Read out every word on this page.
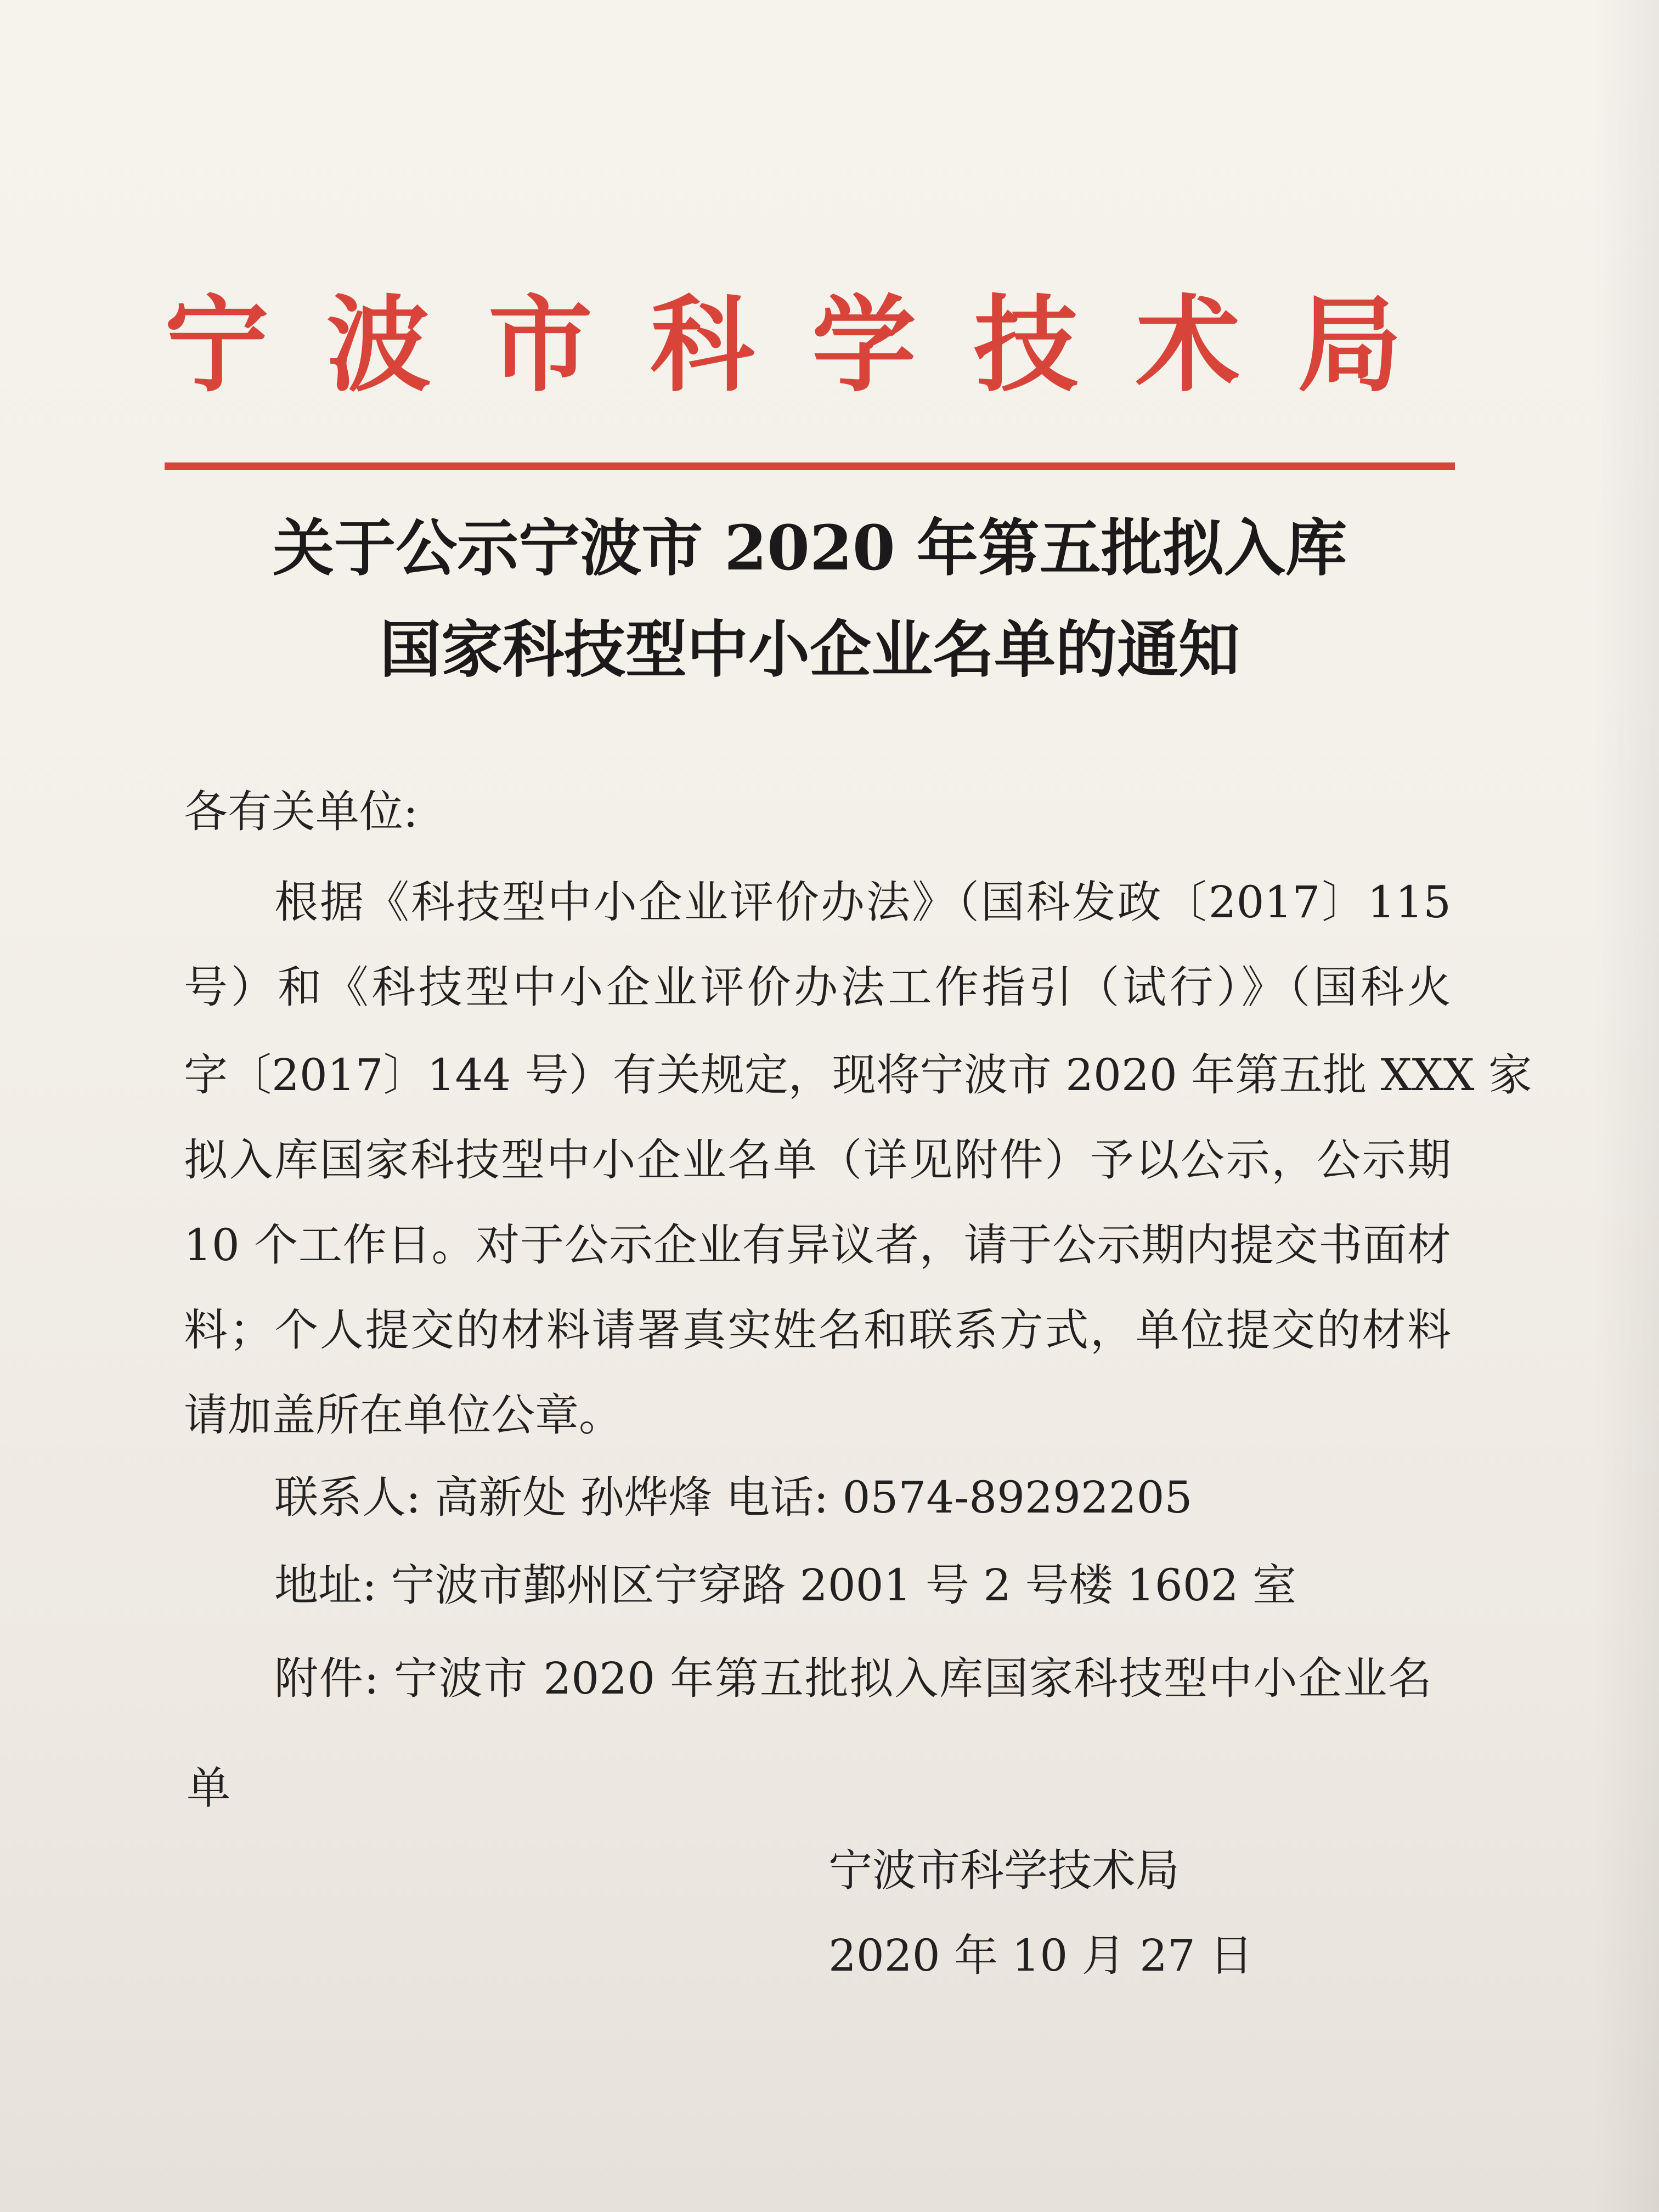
宁波市科学技术局
关于公示宁波市 2020 年第五批拟入库
国家科技型中小企业名单的通知
各有关单位:
根据《科技型中小企业评价办法》（国科发政〔2017〕115
号）和《科技型中小企业评价办法工作指引（试行）》（国科火
字〔2017〕144 号）有关规定，现将宁波市 2020 年第五批 XXX 家
拟入库国家科技型中小企业名单（详见附件）予以公示，公示期
10 个工作日。对于公示企业有异议者，请于公示期内提交书面材
料；个人提交的材料请署真实姓名和联系方式，单位提交的材料
请加盖所在单位公章。
联系人: 高新处 孙烨烽 电话: 0574-89292205
地址: 宁波市鄞州区宁穿路 2001 号 2 号楼 1602 室
附件: 宁波市 2020 年第五批拟入库国家科技型中小企业名
单
宁波市科学技术局
2020 年 10 月 27 日
